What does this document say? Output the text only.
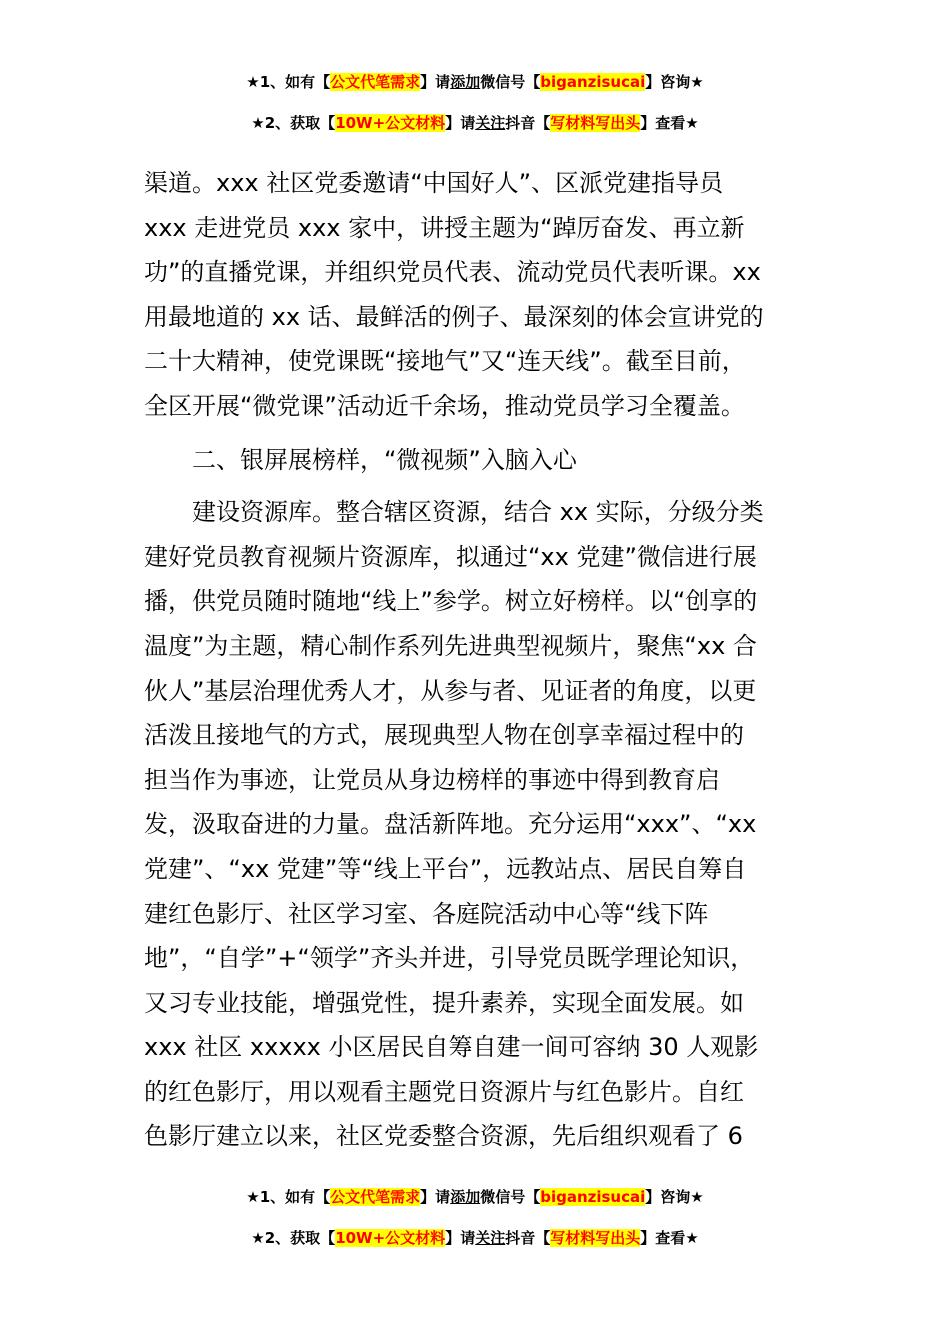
★1、如有【公文代笔需求】请添加微信号【biganzisucai】咨询★
★2、获取【10W+公文材料】请关注抖音【写材料写出头】查看★
渠道。xxx 社区党委邀请“中国好人”、区派党建指导员
xxx 走进党员 xxx 家中，讲授主题为“踔厉奋发、再立新
功”的直播党课，并组织党员代表、流动党员代表听课。xx
用最地道的 xx 话、最鲜活的例子、最深刻的体会宣讲党的
二十大精神，使党课既“接地气”又“连天线”。截至目前，
全区开展“微党课”活动近千余场，推动党员学习全覆盖。
二、银屏展榜样，“微视频”入脑入心
建设资源库。整合辖区资源，结合 xx 实际，分级分类
建好党员教育视频片资源库，拟通过“xx 党建”微信进行展
播，供党员随时随地“线上”参学。树立好榜样。以“创享的
温度”为主题，精心制作系列先进典型视频片，聚焦“xx 合
伙人”基层治理优秀人才，从参与者、见证者的角度，以更
活泼且接地气的方式，展现典型人物在创享幸福过程中的
担当作为事迹，让党员从身边榜样的事迹中得到教育启
发，汲取奋进的力量。盘活新阵地。充分运用“xxx”、“xx
党建”、“xx 党建”等“线上平台”，远教站点、居民自筹自
建红色影厅、社区学习室、各庭院活动中心等“线下阵
地”，“自学”+“领学”齐头并进，引导党员既学理论知识，
又习专业技能，增强党性，提升素养，实现全面发展。如
xxx 社区 xxxxx 小区居民自筹自建一间可容纳 30 人观影
的红色影厅，用以观看主题党日资源片与红色影片。自红
色影厅建立以来，社区党委整合资源，先后组织观看了 6
★1、如有【公文代笔需求】请添加微信号【biganzisucai】咨询★
★2、获取【10W+公文材料】请关注抖音【写材料写出头】查看★
